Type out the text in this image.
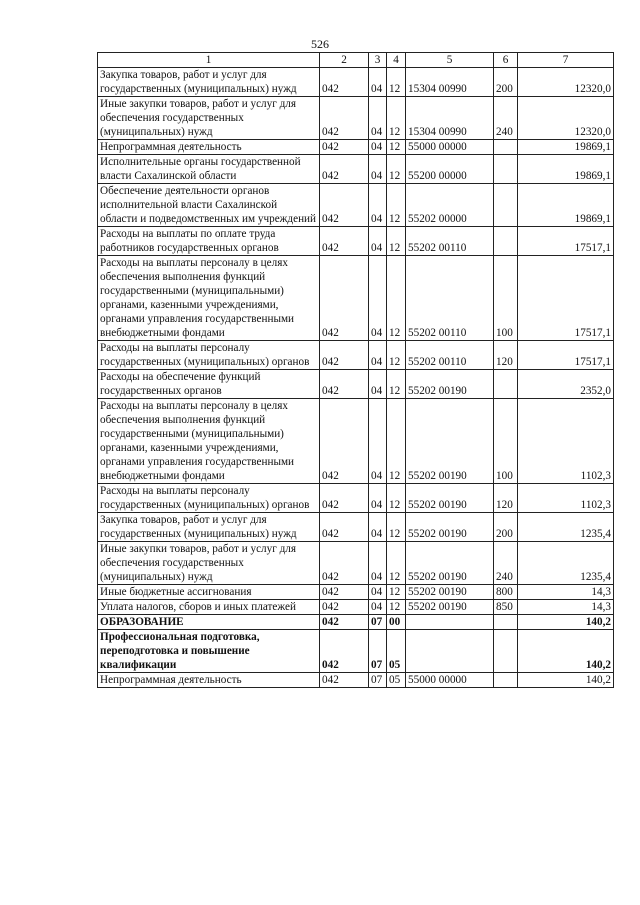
526
1	2	3	4	5	6	7
Закупка товаров, работ и услуг для государственных (муниципальных) нужд	042	04	12	15304 00990	200	12320,0
Иные закупки товаров, работ и услуг для обеспечения государственных (муниципальных) нужд	042	04	12	15304 00990	240	12320,0
Непрограммная деятельность	042	04	12	55000 00000		19869,1
Исполнительные органы государственной власти Сахалинской области	042	04	12	55200 00000		19869,1
Обеспечение деятельности органов исполнительной власти Сахалинской области и подведомственных им учреждений	042	04	12	55202 00000		19869,1
Расходы на выплаты по оплате труда работников государственных органов	042	04	12	55202 00110		17517,1
Расходы на выплаты персоналу в целях обеспечения выполнения функций государственными (муниципальными) органами, казенными учреждениями, органами управления государственными внебюджетными фондами	042	04	12	55202 00110	100	17517,1
Расходы на выплаты персоналу государственных (муниципальных) органов	042	04	12	55202 00110	120	17517,1
Расходы на обеспечение функций государственных органов	042	04	12	55202 00190		2352,0
Расходы на выплаты персоналу в целях обеспечения выполнения функций государственными (муниципальными) органами, казенными учреждениями, органами управления государственными внебюджетными фондами	042	04	12	55202 00190	100	1102,3
Расходы на выплаты персоналу государственных (муниципальных) органов	042	04	12	55202 00190	120	1102,3
Закупка товаров, работ и услуг для государственных (муниципальных) нужд	042	04	12	55202 00190	200	1235,4
Иные закупки товаров, работ и услуг для обеспечения государственных (муниципальных) нужд	042	04	12	55202 00190	240	1235,4
Иные бюджетные ассигнования	042	04	12	55202 00190	800	14,3
Уплата налогов, сборов и иных платежей	042	04	12	55202 00190	850	14,3
ОБРАЗОВАНИЕ	042	07	00			140,2
Профессиональная подготовка, переподготовка и повышение квалификации	042	07	05			140,2
Непрограммная деятельность	042	07	05	55000 00000		140,2
